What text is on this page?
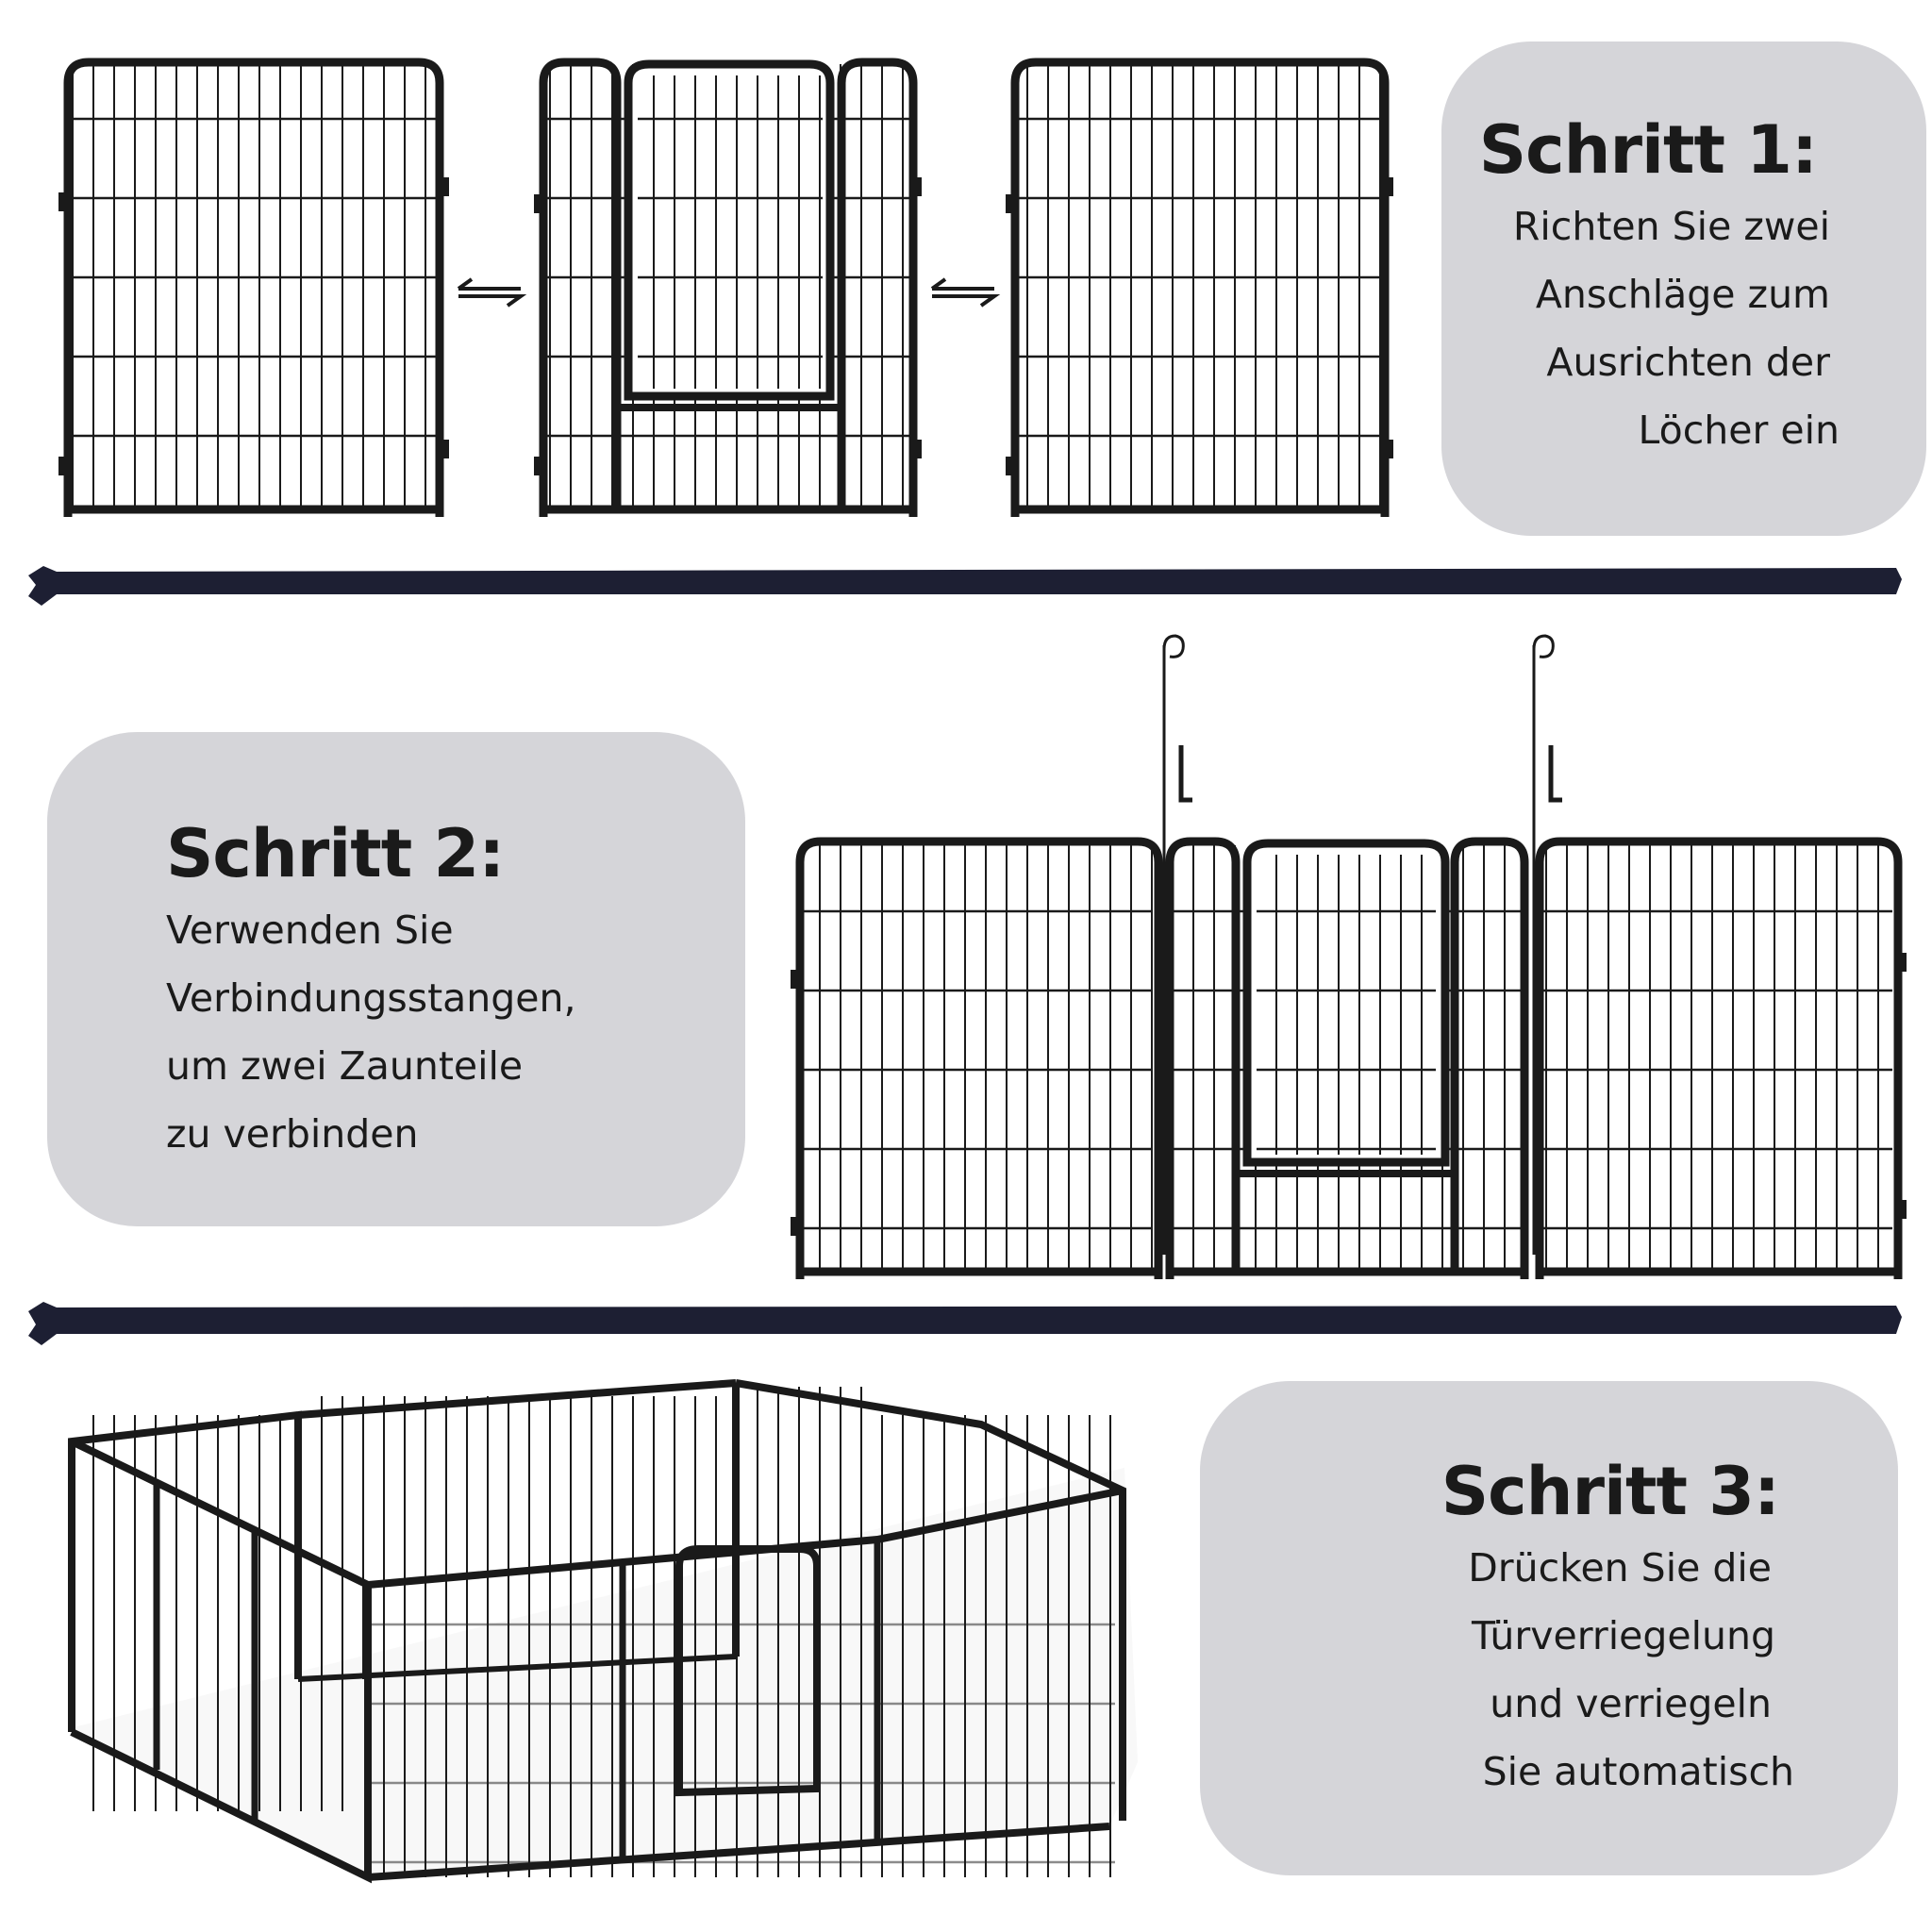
Schritt 1:
Richten Sie zwei
Anschläge zum
Ausrichten der
Löcher ein
Schritt 2:
Verwenden Sie
Verbindungsstangen,
um zwei Zaunteile
zu verbinden
Schritt 3:
Drücken Sie die
Türverriegelung
und verriegeln
Sie automatisch
